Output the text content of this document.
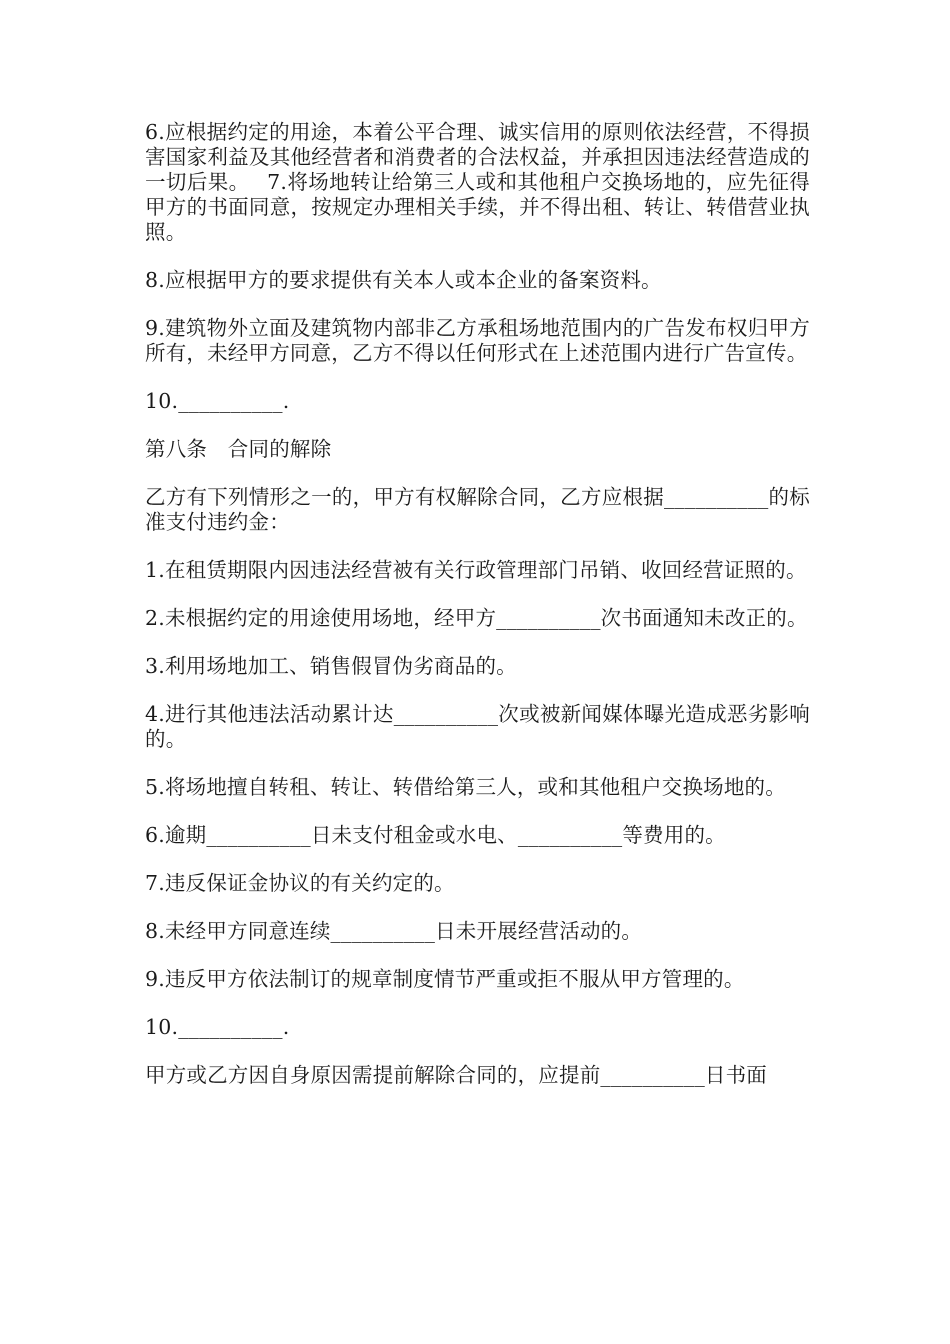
6.应根据约定的用途，本着公平合理、诚实信用的原则依法经营，不得损害国家利益及其他经营者和消费者的合法权益，并承担因违法经营造成的一切后果。　 7.将场地转让给第三人或和其他租户交换场地的，应先征得甲方的书面同意，按规定办理相关手续，并不得出租、转让、转借营业执照。

8.应根据甲方的要求提供有关本人或本企业的备案资料。

9.建筑物外立面及建筑物内部非乙方承租场地范围内的广告发布权归甲方所有，未经甲方同意，乙方不得以任何形式在上述范围内进行广告宣传。

10.__________.

第八条　合同的解除

乙方有下列情形之一的，甲方有权解除合同，乙方应根据__________的标准支付违约金：

1.在租赁期限内因违法经营被有关行政管理部门吊销、收回经营证照的。

2.未根据约定的用途使用场地，经甲方__________次书面通知未改正的。

3.利用场地加工、销售假冒伪劣商品的。

4.进行其他违法活动累计达__________次或被新闻媒体曝光造成恶劣影响的。

5.将场地擅自转租、转让、转借给第三人，或和其他租户交换场地的。

6.逾期__________日未支付租金或水电、__________等费用的。

7.违反保证金协议的有关约定的。

8.未经甲方同意连续__________日未开展经营活动的。

9.违反甲方依法制订的规章制度情节严重或拒不服从甲方管理的。

10.__________.

甲方或乙方因自身原因需提前解除合同的，应提前__________日书面
